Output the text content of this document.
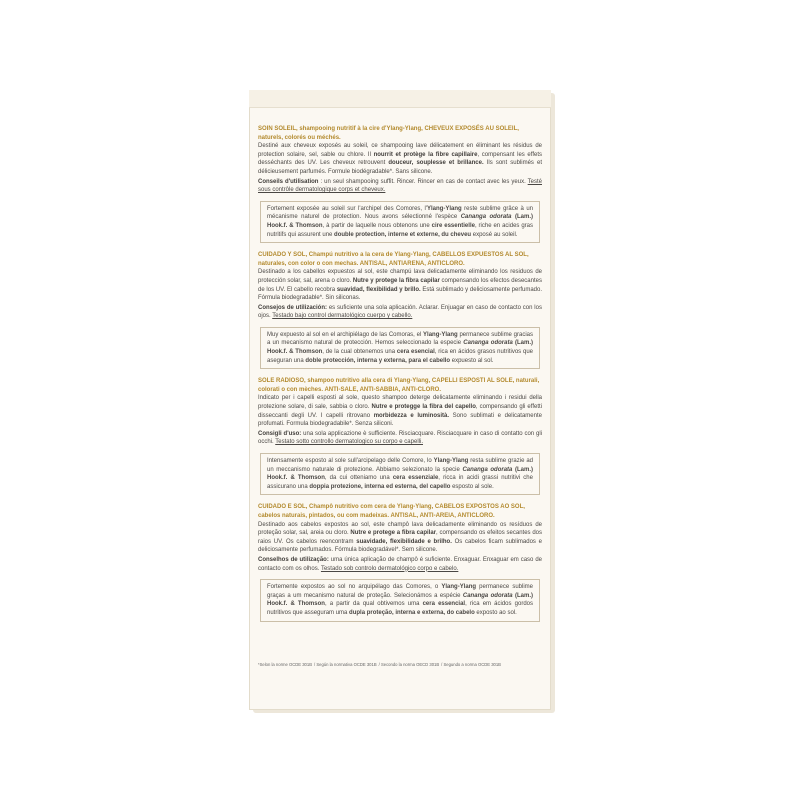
SOIN SOLEIL, shampooing nutritif à la cire d'Ylang-Ylang, CHEVEUX EXPOSÉS AU SOLEIL, naturels, colorés ou méchés.
Destiné aux cheveux exposés au soleil, ce shampooing lave délicatement en éliminant les résidus de protection solaire, sel, sable ou chlore. Il nourrit et protège la fibre capillaire, compensant les effets desséchants des UV. Les cheveux retrouvent douceur, souplesse et brillance. Ils sont sublimés et délicieusement parfumés. Formule biodégradable*. Sans silicone.
Conseils d'utilisation : un seul shampooing suffit. Rincer. Rincer en cas de contact avec les yeux. Testé sous contrôle dermatologique corps et cheveux.
Fortement exposée au soleil sur l'archipel des Comores, l'Ylang-Ylang reste sublime grâce à un mécanisme naturel de protection. Nous avons sélectionné l'espèce Cananga odorata (Lam.) Hook.f. & Thomson, à partir de laquelle nous obtenons une cire essentielle, riche en acides gras nutritifs qui assurent une double protection, interne et externe, du cheveu exposé au soleil.
CUIDADO Y SOL, Champú nutritivo a la cera de Ylang-Ylang, CABELLOS EXPUESTOS AL SOL, naturales, con color o con mechas. ANTISAL, ANTIARENA, ANTICLORO.
Destinado a los cabellos expuestos al sol, este champú lava delicadamente eliminando los residuos de protección solar, sal, arena o cloro. Nutre y protege la fibra capilar compensando los efectos desecantes de los UV. El cabello recobra suavidad, flexibilidad y brillo. Está sublimado y deliciosamente perfumado. Fórmula biodegradable*. Sin siliconas.
Consejos de utilización: es suficiente una sola aplicación. Aclarar. Enjuagar en caso de contacto con los ojos. Testado bajo control dermatológico cuerpo y cabello.
Muy expuesto al sol en el archipiélago de las Comoras, el Ylang-Ylang permanece sublime gracias a un mecanismo natural de protección. Hemos seleccionado la especie Cananga odorata (Lam.) Hook.f. & Thomson, de la cual obtenemos una cera esencial, rica en ácidos grasos nutritivos que aseguran una doble protección, interna y externa, para el cabello expuesto al sol.
SOLE RADIOSO, shampoo nutritivo alla cera di Ylang-Ylang, CAPELLI ESPOSTI AL SOLE, naturali, colorati o con mèches. ANTI-SALE, ANTI-SABBIA, ANTI-CLORO.
Indicato per i capelli esposti al sole, questo shampoo deterge delicatamente eliminando i residui della protezione solare, di sale, sabbia o cloro. Nutre e protegge la fibra del capello, compensando gli effetti disseccanti degli UV. I capelli ritrovano morbidezza e luminosità. Sono sublimati e delicatamente profumati. Formula biodegradabile*. Senza siliconi.
Consigli d'uso: una sola applicazione è sufficiente. Risciacquare. Risciacquare in caso di contatto con gli occhi. Testato sotto controllo dermatologico su corpo e capelli.
Intensamente esposto al sole sull'arcipelago delle Comore, lo Ylang-Ylang resta sublime grazie ad un meccanismo naturale di protezione. Abbiamo selezionato la specie Cananga odorata (Lam.) Hook.f. & Thomson, da cui otteniamo una cera essenziale, ricca in acidi grassi nutritivi che assicurano una doppia protezione, interna ed esterna, del capello esposto al sole.
CUIDADO E SOL, Champô nutritivo com cera de Ylang-Ylang, CABELOS EXPOSTOS AO SOL, cabelos naturais, pintados, ou com madeixas. ANTISAL, ANTI-AREIA, ANTICLORO.
Destinado aos cabelos expostos ao sol, este champô lava delicadamente eliminando os resíduos de proteção solar, sal, areia ou cloro. Nutre e protege a fibra capilar, compensando os efeitos secantes dos raios UV. Os cabelos reencontram suavidade, flexibilidade e brilho. Os cabelos ficam sublimados e deliciosamente perfumados. Fórmula biodegradável*. Sem silicone.
Conselhos de utilização: uma única aplicação de champô é suficiente. Enxaguar. Enxaguar em caso de contacto com os olhos. Testado sob controlo dermatológico corpo e cabelo.
Fortemente expostos ao sol no arquipélago das Comores, o Ylang-Ylang permanece sublime graças a um mecanismo natural de proteção. Selecionámos a espécie Cananga odorata (Lam.) Hook.f. & Thomson, a partir da qual obtivemos uma cera essencial, rica em ácidos gordos nutritivos que asseguram uma dupla proteção, interna e externa, do cabelo exposto ao sol.
*Selon la norme OCDE 301B / Según la normativa OCDE 301B / Secondo la norma OECD 301B / Segundo a norma OCDE 301B
